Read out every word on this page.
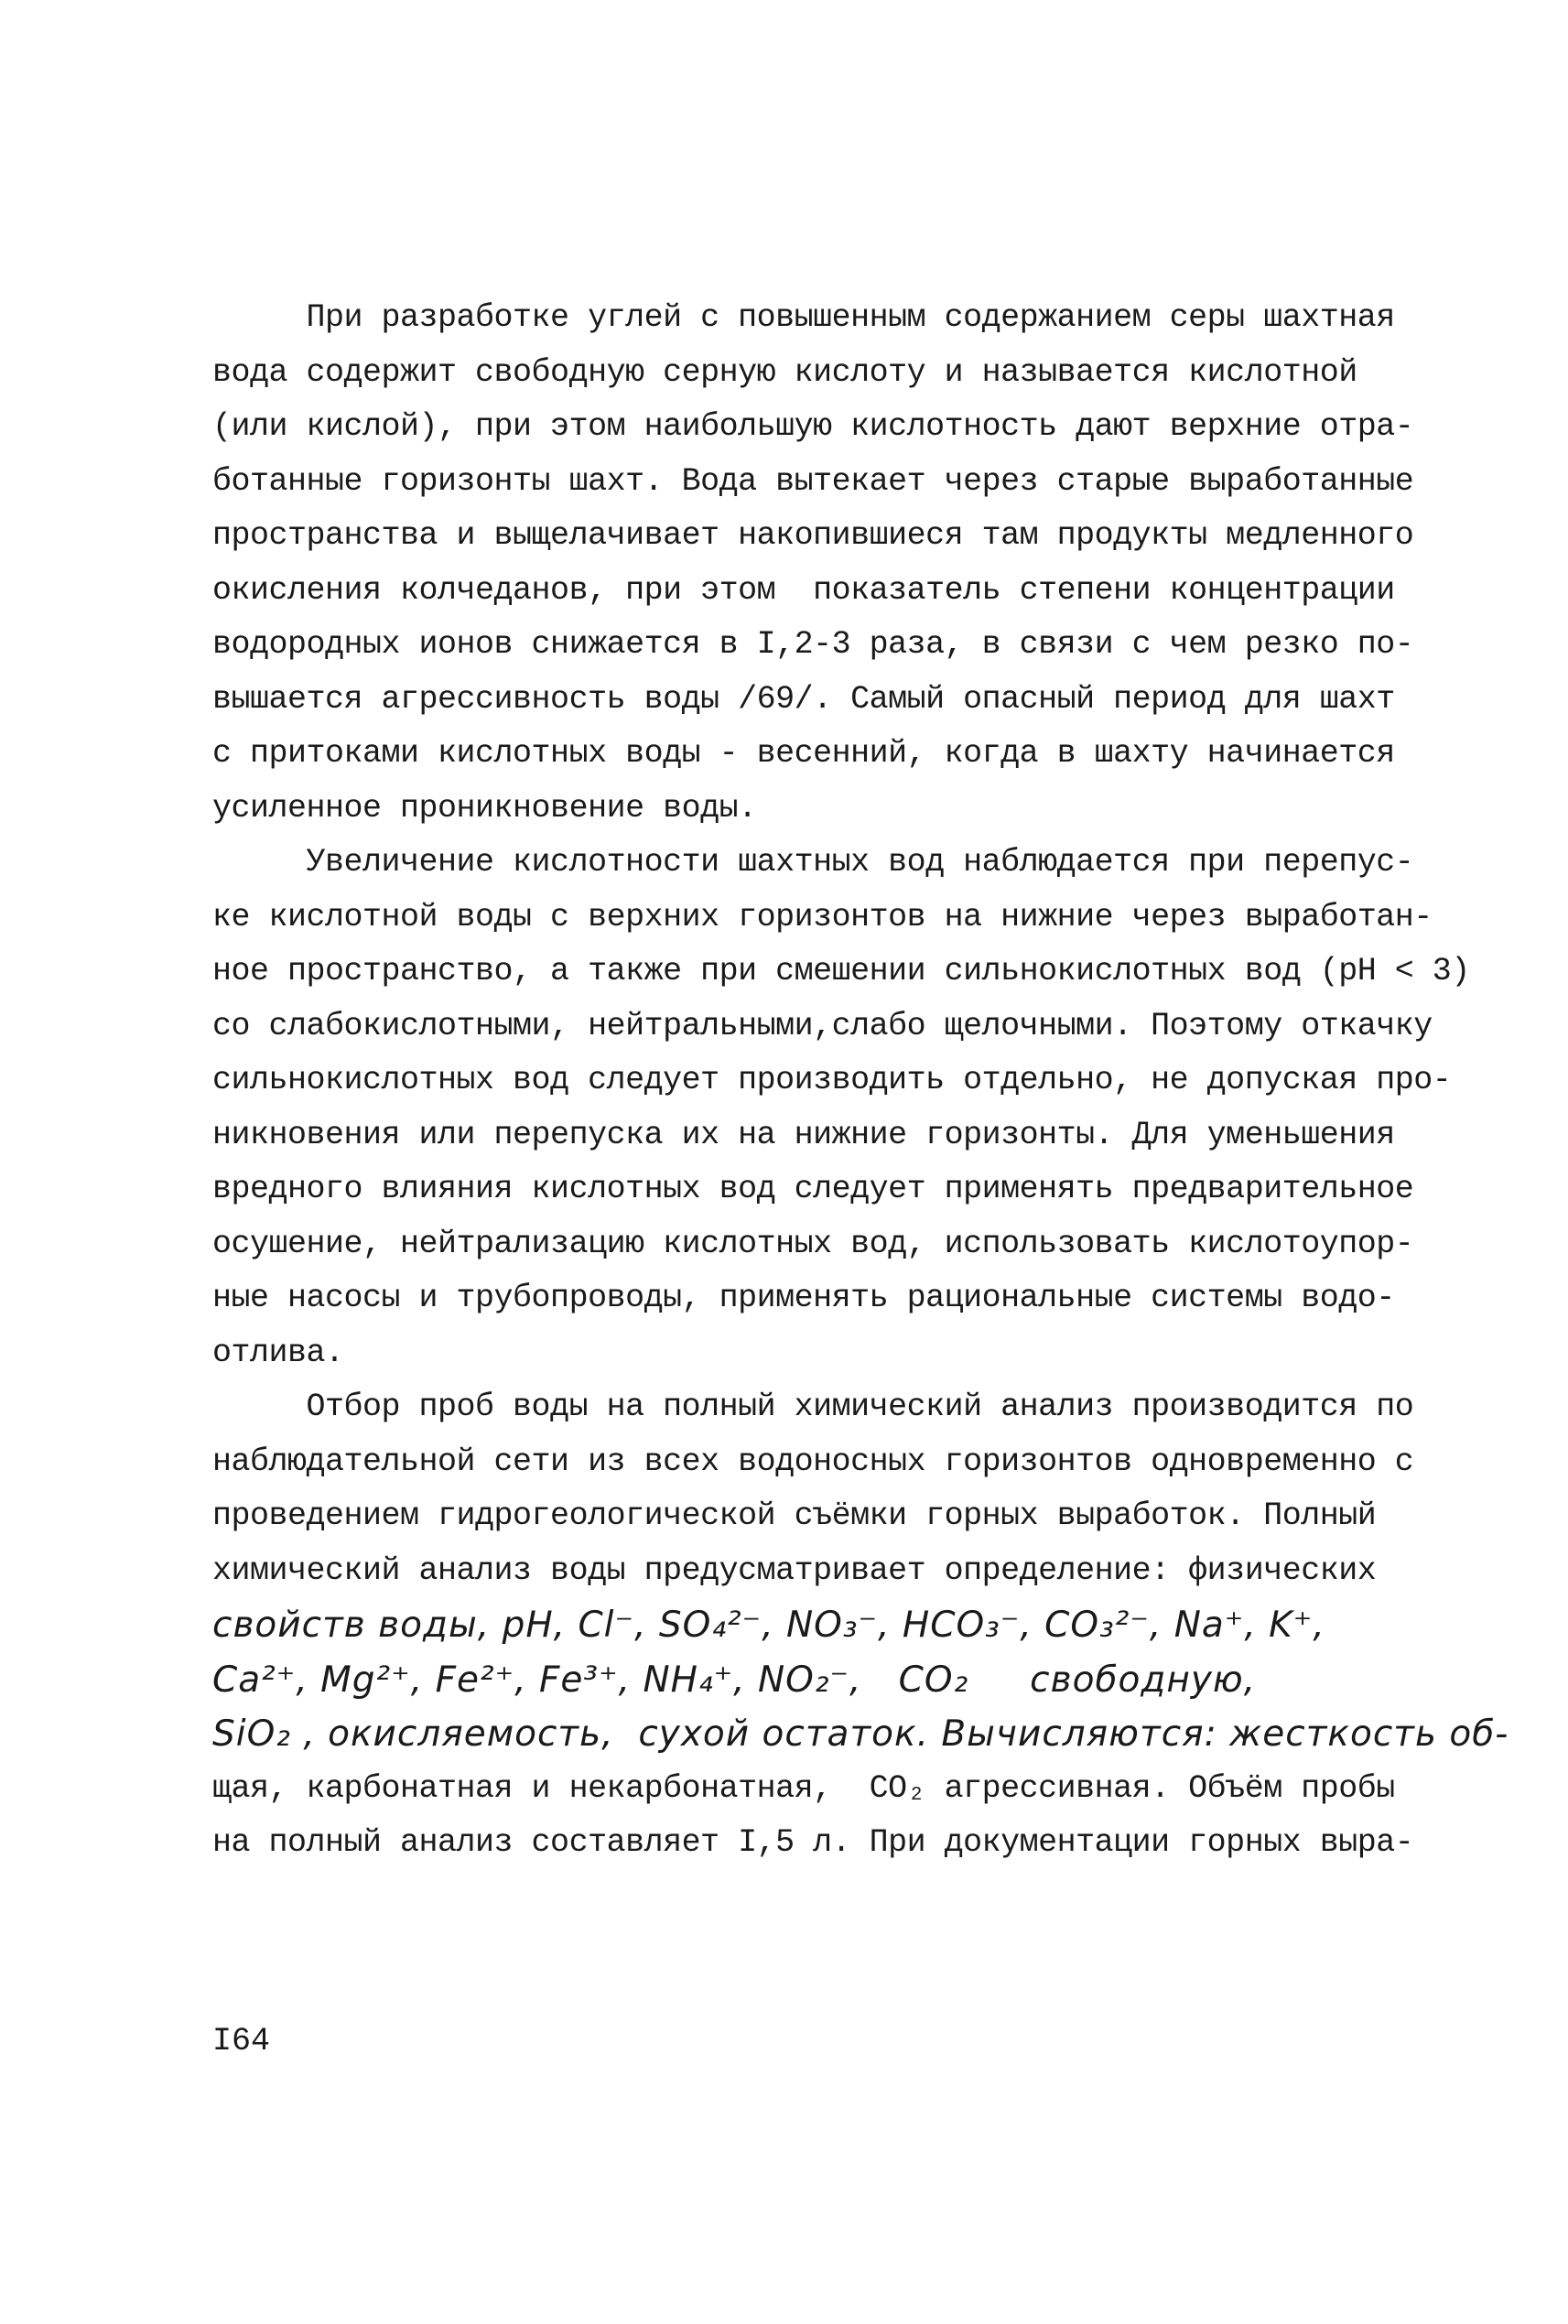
При разработке углей с повышенным содержанием серы шахтная
вода содержит свободную серную кислоту и называется кислотной
(или кислой), при этом наибольшую кислотность дают верхние отра-
ботанные горизонты шахт. Вода вытекает через старые выработанные
пространства и выщелачивает накопившиеся там продукты медленного
окисления колчеданов, при этом  показатель степени концентрации
водородных ионов снижается в I,2-3 раза, в связи с чем резко по-
вышается агрессивность воды /69/. Самый опасный период для шахт
с притоками кислотных воды - весенний, когда в шахту начинается
усиленное проникновение воды.
Увеличение кислотности шахтных вод наблюдается при перепус-
ке кислотной воды с верхних горизонтов на нижние через выработан-
ное пространство, а также при смешении сильнокислотных вод (pH < 3)
со слабокислотными, нейтральными,слабо щелочными. Поэтому откачку
сильнокислотных вод следует производить отдельно, не допуская про-
никновения или перепуска их на нижние горизонты. Для уменьшения
вредного влияния кислотных вод следует применять предварительное
осушение, нейтрализацию кислотных вод, использовать кислотоупор-
ные насосы и трубопроводы, применять рациональные системы водо-
отлива.
Отбор проб воды на полный химический анализ производится по
наблюдательной сети из всех водоносных горизонтов одновременно с
проведением гидрогеологической съёмки горных выработок. Полный
химический анализ воды предусматривает определение: физических
свойств воды, pH, Cl⁻, SO₄²⁻, NO₃⁻, HCO₃⁻, CO₃²⁻, Na⁺, K⁺,
Ca²⁺, Mg²⁺, Fe²⁺, Fe³⁺, NH₄⁺, NO₂⁻,   CO₂     свободную,
SiO₂ , окисляемость,  сухой остаток. Вычисляются: жесткость об-
щая, карбонатная и некарбонатная,  CO₂ агрессивная. Объём пробы
на полный анализ составляет I,5 л. При документации горных выра-
I64
